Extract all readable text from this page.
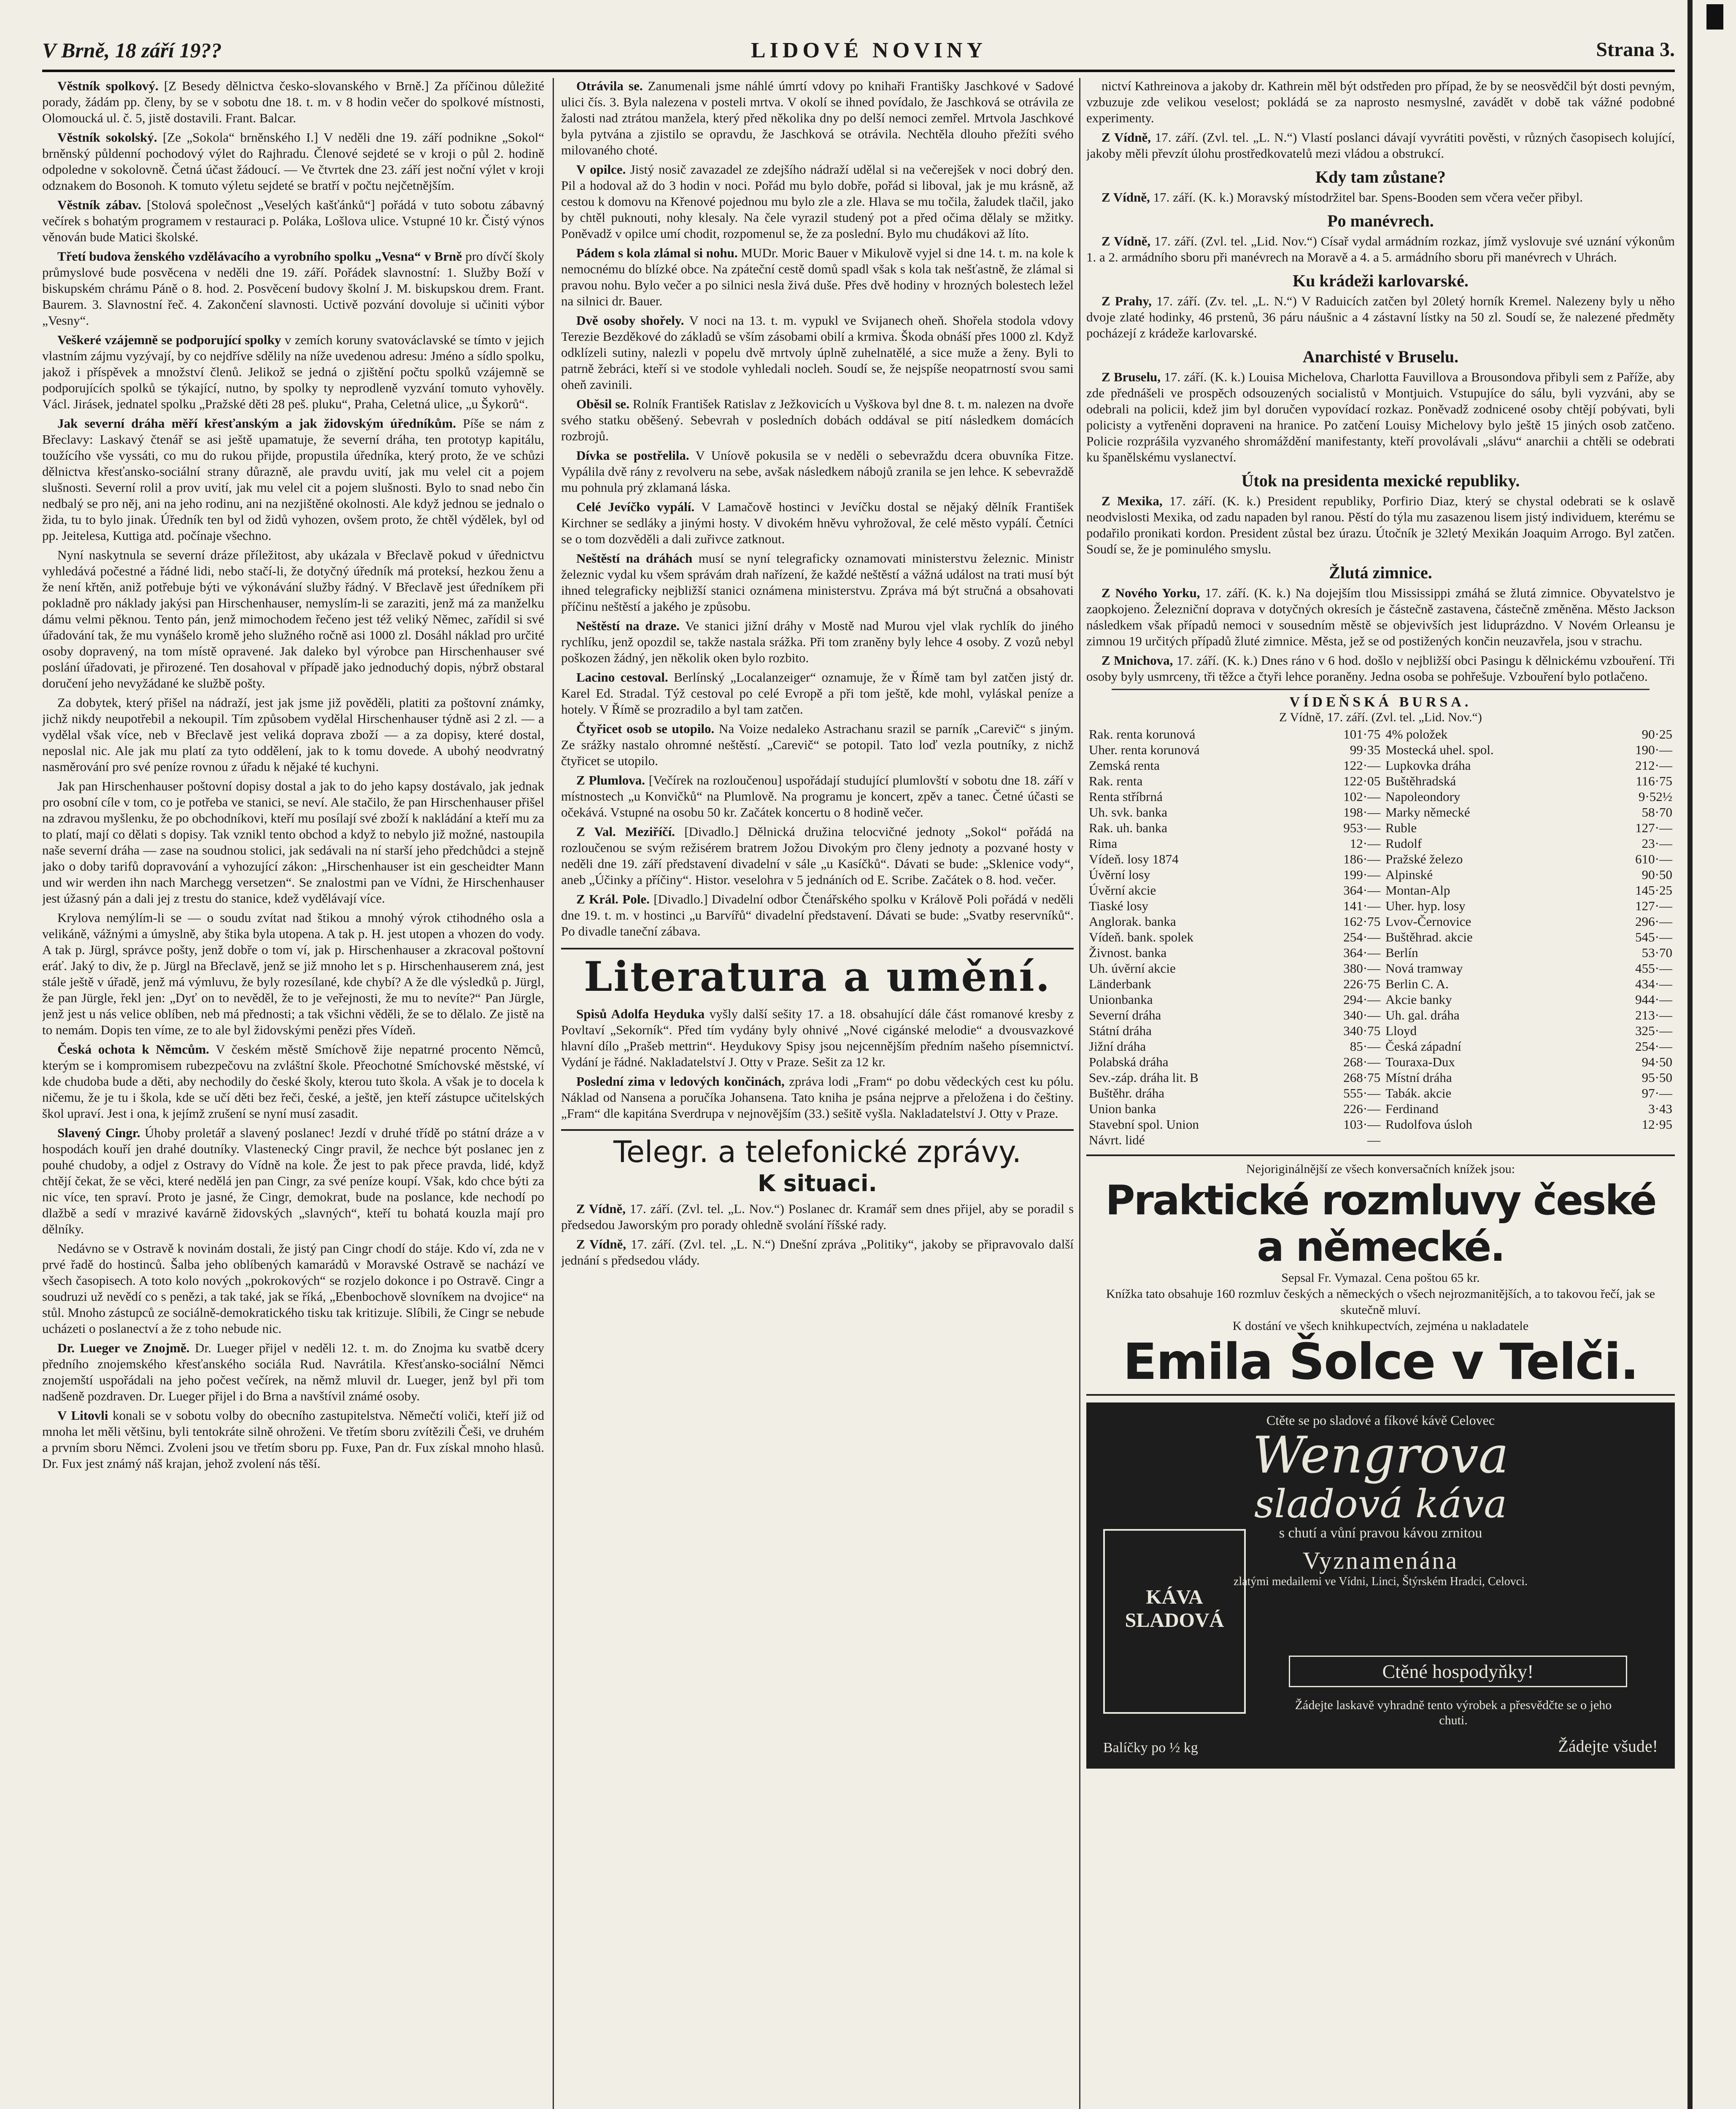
V Brně, 18 září 19??	LIDOVÉ NOVINY	Strana 3.

Věstník spolkový. [Z Besedy dělnictva česko-slovanského v Brně.] Za příčinou důležité porady, žádám pp. členy, by se v sobotu dne 18. t. m. v 8 hodin večer do spolkové místnosti, Olomoucká ul. č. 5, jistě dostavili. Frant. Balcar.

Věstník sokolský. [Ze „Sokola“ brněnského I.] V neděli dne 19. září podnikne „Sokol“ brněnský půldenní pochodový výlet do Rajhradu. Členové sejdeté se v kroji o půl 2. hodině odpoledne v sokolovně. Četná účast žádoucí. — Ve čtvrtek dne 23. září jest noční výlet v kroji odznakem do Bosonoh. K tomuto výletu sejdeté se bratří v počtu nejčetnějším.

Věstník zábav. [Stolová společnost „Veselých kašťánků“] pořádá v tuto sobotu zábavný večírek s bohatým programem v restauraci p. Poláka, Lošlova ulice. Vstupné 10 kr. Čistý výnos věnován bude Matici školské.

Třetí budova ženského vzdělávacího a vyrobního spolku „Vesna“ v Brně pro dívčí školy průmyslové bude posvěcena v neděli dne 19. září. Pořádek slavnostní: 1. Služby Boží v biskupském chrámu Páně o 8. hod. 2. Posvěcení budovy školní J. M. biskupskou drem. Frant. Baurem. 3. Slavnostní řeč. 4. Zakončení slavnosti. Uctivě pozvání dovoluje si učiniti výbor „Vesny“.

Veškeré vzájemně se podporující spolky v zemích koruny svatováclavské se tímto v jejich vlastním zájmu vyzývají, by co nejdříve sdělily na níže uvedenou adresu: Jméno a sídlo spolku, jakož i příspěvek a množství členů. Jelikož se jedná o zjištění počtu spolků vzájemně se podporujících spolků se týkající, nutno, by spolky ty neprodleně vyzvání tomuto vyhověly. Václ. Jirásek, jednatel spolku „Pražské děti 28 peš. pluku“, Praha, Celetná ulice, „u Šykorů“.

Jak severní dráha měří křesťanským a jak židovským úředníkům. Píše se nám z Břeclavy: Laskavý čtenář se asi ještě upamatuje, že severní dráha, ten prototyp kapitálu, toužícího vše vyssáti, co mu do rukou přijde, propustila úředníka, který proto, že ve schůzi dělnictva křesťansko-sociální strany důrazně, ale pravdu uvití, jak mu velel cit a pojem slušnosti. Severní rolil a prov uvití, jak mu velel cit a pojem slušnosti. Bylo to snad nebo čin nedbalý se pro něj, ani na jeho rodinu, ani na nezjištěné okolnosti. Ale když jednou se jednalo o žida, tu to bylo jinak. Úředník ten byl od židů vyhozen, ovšem proto, že chtěl výdělek, byl od pp. Jeitelesa, Kuttiga atd. počínaje všechno.

Nyní naskytnula se severní dráze příležitost, aby ukázala v Břeclavě pokud v úřednictvu vyhledává počestné a řádné lidi, nebo stačí-li, že dotyčný úředník má proteksí, hezkou ženu a že není křtěn, aniž potřebuje býti ve výkonávání služby řádný. V Břeclavě jest úředníkem při pokladně pro náklady jakýsi pan Hirschenhauser, nemyslím-li se zaraziti, jenž má za manželku dámu velmi pěknou. Tento pán, jenž mimochodem řečeno jest též veliký Němec, zařídil si své úřadování tak, že mu vynášelo kromě jeho služného ročně asi 1000 zl. Dosáhl náklad pro určité osoby dopravený, na tom místě opravené. Jak daleko byl výrobce pan Hirschenhauser své poslání úřadovati, je přirozené. Ten dosahoval v případě jako jednoduchý dopis, nýbrž obstaral doručení jeho nevyžádané ke službě pošty.

Za dobytek, který přišel na nádraží, jest jak jsme již pověděli, platiti za poštovní známky, jichž nikdy neupotřebil a nekoupil. Tím způsobem vydělal Hirschenhauser týdně asi 2 zl. — a vydělal však více, neb v Břeclavě jest veliká doprava zboží — a za dopisy, které dostal, neposlal nic. Ale jak mu platí za tyto oddělení, jak to k tomu dovede. A ubohý neodvratný nasměrování pro své peníze rovnou z úřadu k nějaké té kuchyni.

Jak pan Hirschenhauser poštovní dopisy dostal a jak to do jeho kapsy dostávalo, jak jednak pro osobní cíle v tom, co je potřeba ve stanici, se neví. Ale stačilo, že pan Hirschenhauser přišel na zdravou myšlenku, že po obchodníkovi, kteří mu posílají své zboží k nakládání a kteří mu za to platí, mají co dělati s dopisy. Tak vznikl tento obchod a když to nebylo již možné, nastoupila naše severní dráha — zase na soudnou stolici, jak sedávali na ní starší jeho předchůdci a stejně jako o doby tarifů dopravování a vyhozující zákon: „Hirschenhauser ist ein gescheidter Mann und wir werden ihn nach Marchegg versetzen“. Se znalostmi pan ve Vídni, že Hirschenhauser jest úžasný pán a dali jej z trestu do stanice, kdež vydělávají více.

Krylova nemýlím-li se — o soudu zvítat nad štikou a mnohý výrok ctihodného osla a velikáně, vážnými a úmyslně, aby štika byla utopena. A tak p. H. jest utopen a vhozen do vody. A tak p. Jürgl, správce pošty, jenž dobře o tom ví, jak p. Hirschenhauser a zkracoval poštovní eráť. Jaký to div, že p. Jürgl na Břeclavě, jenž se již mnoho let s p. Hirschenhauserem zná, jest stále ještě v úřadě, jenž má výmluvu, že byly rozesílané, kde chybí? A že dle výsledků p. Jürgl, že pan Jürgle, řekl jen: „Dyť on to nevěděl, že to je veřejnosti, že mu to nevíte?“ Pan Jürgle, jenž jest u nás velice oblíben, neb má přednosti; a tak všichni věděli, že se to dělalo. Ze jistě na to nemám. Dopis ten víme, ze to ale byl židovskými penězi přes Vídeň.

Česká ochota k Němcům. V českém městě Smíchově žije nepatrné procento Němců, kterým se i kompromisem rubezpečovu na zvláštní škole. Přeochotné Smíchovské městské, ví kde chudoba bude a děti, aby nechodily do české školy, kterou tuto škola. A však je to docela k ničemu, že je tu i škola, kde se učí děti bez řeči, české, a ještě, jen kteří zástupce učitelských škol upraví. Jest i ona, k jejímž zrušení se nyní musí zasadit.

Slavený Cingr. Úhoby proletář a slavený poslanec! Jezdí v druhé třídě po státní dráze a v hospodách kouří jen drahé doutníky. Vlastenecký Cingr pravil, že nechce být poslanec jen z pouhé chudoby, a odjel z Ostravy do Vídně na kole. Že jest to pak přece pravda, lidé, když chtějí čekat, že se věci, které nedělá jen pan Cingr, za své peníze koupí. Však, kdo chce býti za nic více, ten spraví. Proto je jasné, že Cingr, demokrat, bude na poslance, kde nechodí po dlažbě a sedí v mrazivé kavárně židovských „slavných“, kteří tu bohatá kouzla mají pro dělníky.

Nedávno se v Ostravě k novinám dostali, že jistý pan Cingr chodí do stáje. Kdo ví, zda ne v prvé řadě do hostinců. Šalba jeho oblíbených kamarádů v Moravské Ostravě se nachází ve všech časopisech. A toto kolo nových „pokrokových“ se rozjelo dokonce i po Ostravě. Cingr a soudruzi už nevědí co s penězi, a tak také, jak se říká, „Ebenbochově slovníkem na dvojice“ na stůl. Mnoho zástupců ze sociálně-demokratického tisku tak kritizuje. Slíbili, že Cingr se nebude ucházeti o poslanectví a že z toho nebude nic.

Dr. Lueger ve Znojmě. Dr. Lueger přijel v neděli 12. t. m. do Znojma ku svatbě dcery předního znojemského křesťanského sociála Rud. Navrátila. Křesťansko-sociální Němci znojemští uspořádali na jeho počest večírek, na němž mluvil dr. Lueger, jenž byl při tom nadšeně pozdraven. Dr. Lueger přijel i do Brna a navštívil známé osoby.

V Litovli konali se v sobotu volby do obecního zastupitelstva. Němečtí voliči, kteří již od mnoha let měli většinu, byli tentokráte silně ohroženi. Ve třetím sboru zvítězili Češi, ve druhém a prvním sboru Němci. Zvoleni jsou ve třetím sboru pp. Fuxe, Pan dr. Fux získal mnoho hlasů. Dr. Fux jest známý náš krajan, jehož zvolení nás těší.

Otrávila se. Zanumenali jsme náhlé úmrtí vdovy po knihaři Františky Jaschkové v Sadové ulici čís. 3. Byla nalezena v posteli mrtva. V okolí se ihned povídalo, že Jaschková se otrávila ze žalosti nad ztrátou manžela, který před několika dny po delší nemoci zemřel. Mrtvola Jaschkové byla pytvána a zjistilo se opravdu, že Jaschková se otrávila. Nechtěla dlouho přežíti svého milovaného choté.

V opilce. Jistý nosič zavazadel ze zdejšího nádraží udělal si na večerejšek v noci dobrý den. Pil a hodoval až do 3 hodin v noci. Pořád mu bylo dobře, pořád si liboval, jak je mu krásně, až cestou k domovu na Křenové pojednou mu bylo zle a zle. Hlava se mu točila, žaludek tlačil, jako by chtěl puknouti, nohy klesaly. Na čele vyrazil studený pot a před očima dělaly se mžitky. Poněvadž v opilce umí chodit, rozpomenul se, že za poslední. Bylo mu chudákovi až líto.

Pádem s kola zlámal si nohu. MUDr. Moric Bauer v Mikulově vyjel si dne 14. t. m. na kole k nemocnému do blízké obce. Na zpáteční cestě domů spadl však s kola tak nešťastně, že zlámal si pravou nohu. Bylo večer a po silnici nesla živá duše. Přes dvě hodiny v hrozných bolestech ležel na silnici dr. Bauer.

Dvě osoby shořely. V noci na 13. t. m. vypukl ve Svijanech oheň. Shořela stodola vdovy Terezie Bezděkové do základů se vším zásobami obilí a krmiva. Škoda obnáší přes 1000 zl. Když odklízeli sutiny, nalezli v popelu dvě mrtvoly úplně zuhelnatělé, a sice muže a ženy. Byli to patrně žebráci, kteří si ve stodole vyhledali nocleh. Soudí se, že nejspíše neopatrností svou sami oheň zavinili.

Oběsil se. Rolník František Ratislav z Ježkovicích u Vyškova byl dne 8. t. m. nalezen na dvoře svého statku oběšený. Sebevrah v posledních dobách oddával se pití následkem domácích rozbrojů.

Dívka se postřelila. V Uníově pokusila se v neděli o sebevraždu dcera obuvníka Fitze. Vypálila dvě rány z revolveru na sebe, avšak následkem nábojů zranila se jen lehce. K sebevraždě mu pohnula prý zklamaná láska.

Celé Jevíčko vypálí. V Lamačově hostinci v Jevíčku dostal se nějaký dělník František Kirchner se sedláky a jinými hosty. V divokém hněvu vyhrožoval, že celé město vypálí. Četníci se o tom dozvěděli a dali zuřivce zatknout.

Neštěstí na dráhách musí se nyní telegraficky oznamovati ministerstvu železnic. Ministr železnic vydal ku všem správám drah nařízení, že každé neštěstí a vážná událost na trati musí být ihned telegraficky nejbližší stanici oznámena ministerstvu. Zpráva má být stručná a obsahovati příčinu neštěstí a jakého je způsobu.

Neštěstí na draze. Ve stanici jižní dráhy v Mostě nad Murou vjel vlak rychlík do jiného rychlíku, jenž opozdil se, takže nastala srážka. Při tom zraněny byly lehce 4 osoby. Z vozů nebyl poškozen žádný, jen několik oken bylo rozbito.

Lacino cestoval. Berlínský „Localanzeiger“ oznamuje, že v Římě tam byl zatčen jistý dr. Karel Ed. Stradal. Týž cestoval po celé Evropě a při tom ještě, kde mohl, vyláskal peníze a hotely. V Římě se prozradilo a byl tam zatčen.

Čtyřicet osob se utopilo. Na Voize nedaleko Astrachanu srazil se parník „Carevič“ s jiným. Ze srážky nastalo ohromné neštěstí. „Carevič“ se potopil. Tato loď vezla poutníky, z nichž čtyřicet se utopilo.

Z Plumlova. [Večírek na rozloučenou] uspořádají studující plumlovští v sobotu dne 18. září v místnostech „u Konvičků“ na Plumlově. Na programu je koncert, zpěv a tanec. Četné účasti se očekává. Vstupné na osobu 50 kr. Začátek koncertu o 8 hodině večer.

Z Val. Meziříčí. [Divadlo.] Dělnická družina telocvičné jednoty „Sokol“ pořádá na rozloučenou se svým režisérem bratrem Jožou Divokým pro členy jednoty a pozvané hosty v neděli dne 19. září představení divadelní v sále „u Kasíčků“. Dávati se bude: „Sklenice vody“, aneb „Účinky a příčiny“. Histor. veselohra v 5 jednáních od E. Scribe. Začátek o 8. hod. večer.

Z Král. Pole. [Divadlo.] Divadelní odbor Čtenářského spolku v Králově Poli pořádá v neděli dne 19. t. m. v hostinci „u Barvířů“ divadelní představení. Dávati se bude: „Svatby reservníků“. Po divadle taneční zábava.

Literatura a umění.

Spisů Adolfa Heyduka vyšly další sešity 17. a 18. obsahující dále část romanové kresby z Povltaví „Sekorník“. Před tím vydány byly ohnivé „Nové cigánské melodie“ a dvousvazkové hlavní dílo „Prašeb mettrin“. Heydukovy Spisy jsou nejcennějším předním našeho písemnictví. Vydání je řádné. Nakladatelství J. Otty v Praze. Sešit za 12 kr.

Poslední zima v ledových končinách, zpráva lodi „Fram“ po dobu vědeckých cest ku pólu. Náklad od Nansena a poručíka Johansena. Tato kniha je psána nejprve a přeložena i do češtiny. „Fram“ dle kapitána Sverdrupa v nejnovějším (33.) sešitě vyšla. Nakladatelství J. Otty v Praze.

Telegr. a telefonické zprávy.
K situaci.

Z Vídně, 17. září. (Zvl. tel. „L. Nov.“) Poslanec dr. Kramář sem dnes přijel, aby se poradil s předsedou Jaworským pro porady ohledně svolání říšské rady.

Z Vídně, 17. září. (Zvl. tel. „L. N.“) Dnešní zpráva „Politiky“, jakoby se připravovalo další jednání s předsedou vlády.

nictví Kathreinova a jakoby dr. Kathrein měl být odstředen pro případ, že by se neosvědčil být dosti pevným, vzbuzuje zde velikou veselost; pokládá se za naprosto nesmyslné, zavádět v době tak vážné podobné experimenty.

Z Vídně, 17. září. (Zvl. tel. „L. N.“) Vlastí poslanci dávají vyvrátiti pověsti, v různých časopisech kolující, jakoby měli převzít úlohu prostředkovatelů mezi vládou a obstrukcí.

Kdy tam zůstane?

Z Vídně, 17. září. (K. k.) Moravský místodržitel bar. Spens-Booden sem včera večer přibyl.

Po manévrech.

Z Vídně, 17. září. (Zvl. tel. „Lid. Nov.“) Císař vydal armádním rozkaz, jímž vyslovuje své uznání výkonům 1. a 2. armádního sboru při manévrech na Moravě a 4. a 5. armádního sboru při manévrech v Uhrách.

Ku krádeži karlovarské.

Z Prahy, 17. září. (Zv. tel. „L. N.“) V Raduicích zatčen byl 20letý horník Kremel. Nalezeny byly u něho dvoje zlaté hodinky, 46 prstenů, 36 páru náušnic a 4 zástavní lístky na 50 zl. Soudí se, že nalezené předměty pocházejí z krádeže karlovarské.

Anarchisté v Bruselu.

Z Bruselu, 17. září. (K. k.) Louisa Michelova, Charlotta Fauvillova a Brousondova přibyli sem z Paříže, aby zde přednášeli ve prospěch odsouzených socialistů v Montjuich. Vstupujíce do sálu, byli vyzváni, aby se odebrali na policii, kdež jim byl doručen vypovídací rozkaz. Poněvadž zodnicené osoby chtějí pobývati, byli policisty a vytřeněni dopraveni na hranice. Po zatčení Louisy Michelovy bylo ještě 15 jiných osob zatčeno. Policie rozprášila vyzvaného shromáždění manifestanty, kteří provolávali „slávu“ anarchii a chtěli se odebrati ku španělskému vyslanectví.

Útok na presidenta mexické republiky.

Z Mexika, 17. září. (K. k.) President republiky, Porfirio Diaz, který se chystal odebrati se k oslavě neodvislosti Mexika, od zadu napaden byl ranou. Pěstí do týla mu zasazenou lisem jistý individuem, kterému se podařilo pronikati kordon. President zůstal bez úrazu. Útočník je 32letý Mexikán Joaquim Arrogo. Byl zatčen. Soudí se, že je pominulého smyslu.

Žlutá zimnice.

Z Nového Yorku, 17. září. (K. k.) Na dojejším tlou Mississippi zmáhá se žlutá zimnice. Obyvatelstvo je zaopkojeno. Železniční doprava v dotyčných okresích je částečně zastavena, částečně změněna. Město Jackson následkem však případů nemoci v sousedním městě se objevivších jest liduprázdno. V Novém Orleansu je zimnou 19 určitých případů žluté zimnice. Města, jež se od postižených končin neuzavřela, jsou v strachu.

Z Mnichova, 17. září. (K. k.) Dnes ráno v 6 hod. došlo v nejbližší obci Pasingu k dělnickému vzbouření. Tři osoby byly usmrceny, tři těžce a čtyři lehce poraněny. Jedna osoba se pohřešuje. Vzbouření bylo potlačeno.

VÍDEŇSKÁ BURSA.
Z Vídně, 17. září. (Zvl. tel. „Lid. Nov.“)
Rak. renta korunová	101·75	4% položek	90·25
Uher. renta korunová	99·35	Mostecká uhel. spol.	190·—
Zemská renta	122·—	Lupkovka dráha	212·—
Rak. renta	122·05	Buštěhradská	116·75
Renta stříbrná	102·—	Napoleondory	9·52½
Uh. svk. banka	198·—	Marky německé	58·70
Rak. uh. banka	953·—	Ruble	127·—
Rima	12·—	Rudolf	23·—
Vídeň. losy 1874	186·—	Pražské železo	610·—
Úvěrní losy	199·—	Alpinské	90·50
Úvěrní akcie	364·—	Montan-Alp	145·25
Tiaské losy	141·—	Uher. hyp. losy	127·—
Anglorak. banka	162·75	Lvov-Černovice	296·—
Vídeň. bank. spolek	254·—	Buštěhrad. akcie	545·—
Živnost. banka	364·—	Berlín	53·70
Uh. úvěrní akcie	380·—	Nová tramway	455·—
Länderbank	226·75	Berlin C. A.	434·—
Unionbanka	294·—	Akcie banky	944·—
Severní dráha	340·—	Uh. gal. dráha	213·—
Státní dráha	340·75	Lloyd	325·—
Jižní dráha	85·—	Česká západní	254·—
Polabská dráha	268·—	Touraxa-Dux	94·50
Sev.-záp. dráha lit. B	268·75	Místní dráha	95·50
Buštěhr. dráha	555·—	Tabák. akcie	97·—
Union banka	226·—	Ferdinand	3·43
Stavební spol. Union	103·—	Rudolfova úsloh	12·95
Návrt. lidé	—		
Nejoriginálnější ze všech konversačních knížek jsou:
Praktické rozmluvy české a německé.
Sepsal Fr. Vymazal. Cena poštou 65 kr.
Knížka tato obsahuje 160 rozmluv českých a německých o všech nejrozmanitějších, a to takovou řečí, jak se skutečně mluví.
K dostání ve všech knihkupectvích, zejména u nakladatele
Emila Šolce v Telči.
Ctěte se po sladové a fíkové kávě Celovec
Wengrova
sladová káva
s chutí a vůní pravou kávou zrnitou
Vyznamenána
zlatými medailemi ve Vídni, Linci, Štýrském Hradci, Celovci.
KÁVA SLADOVÁ
Ctěné hospodyňky!
Žádejte laskavě vyhradně tento výrobek a přesvědčte se o jeho chuti.
Balíčky po ½ kg	Žádejte všude!
